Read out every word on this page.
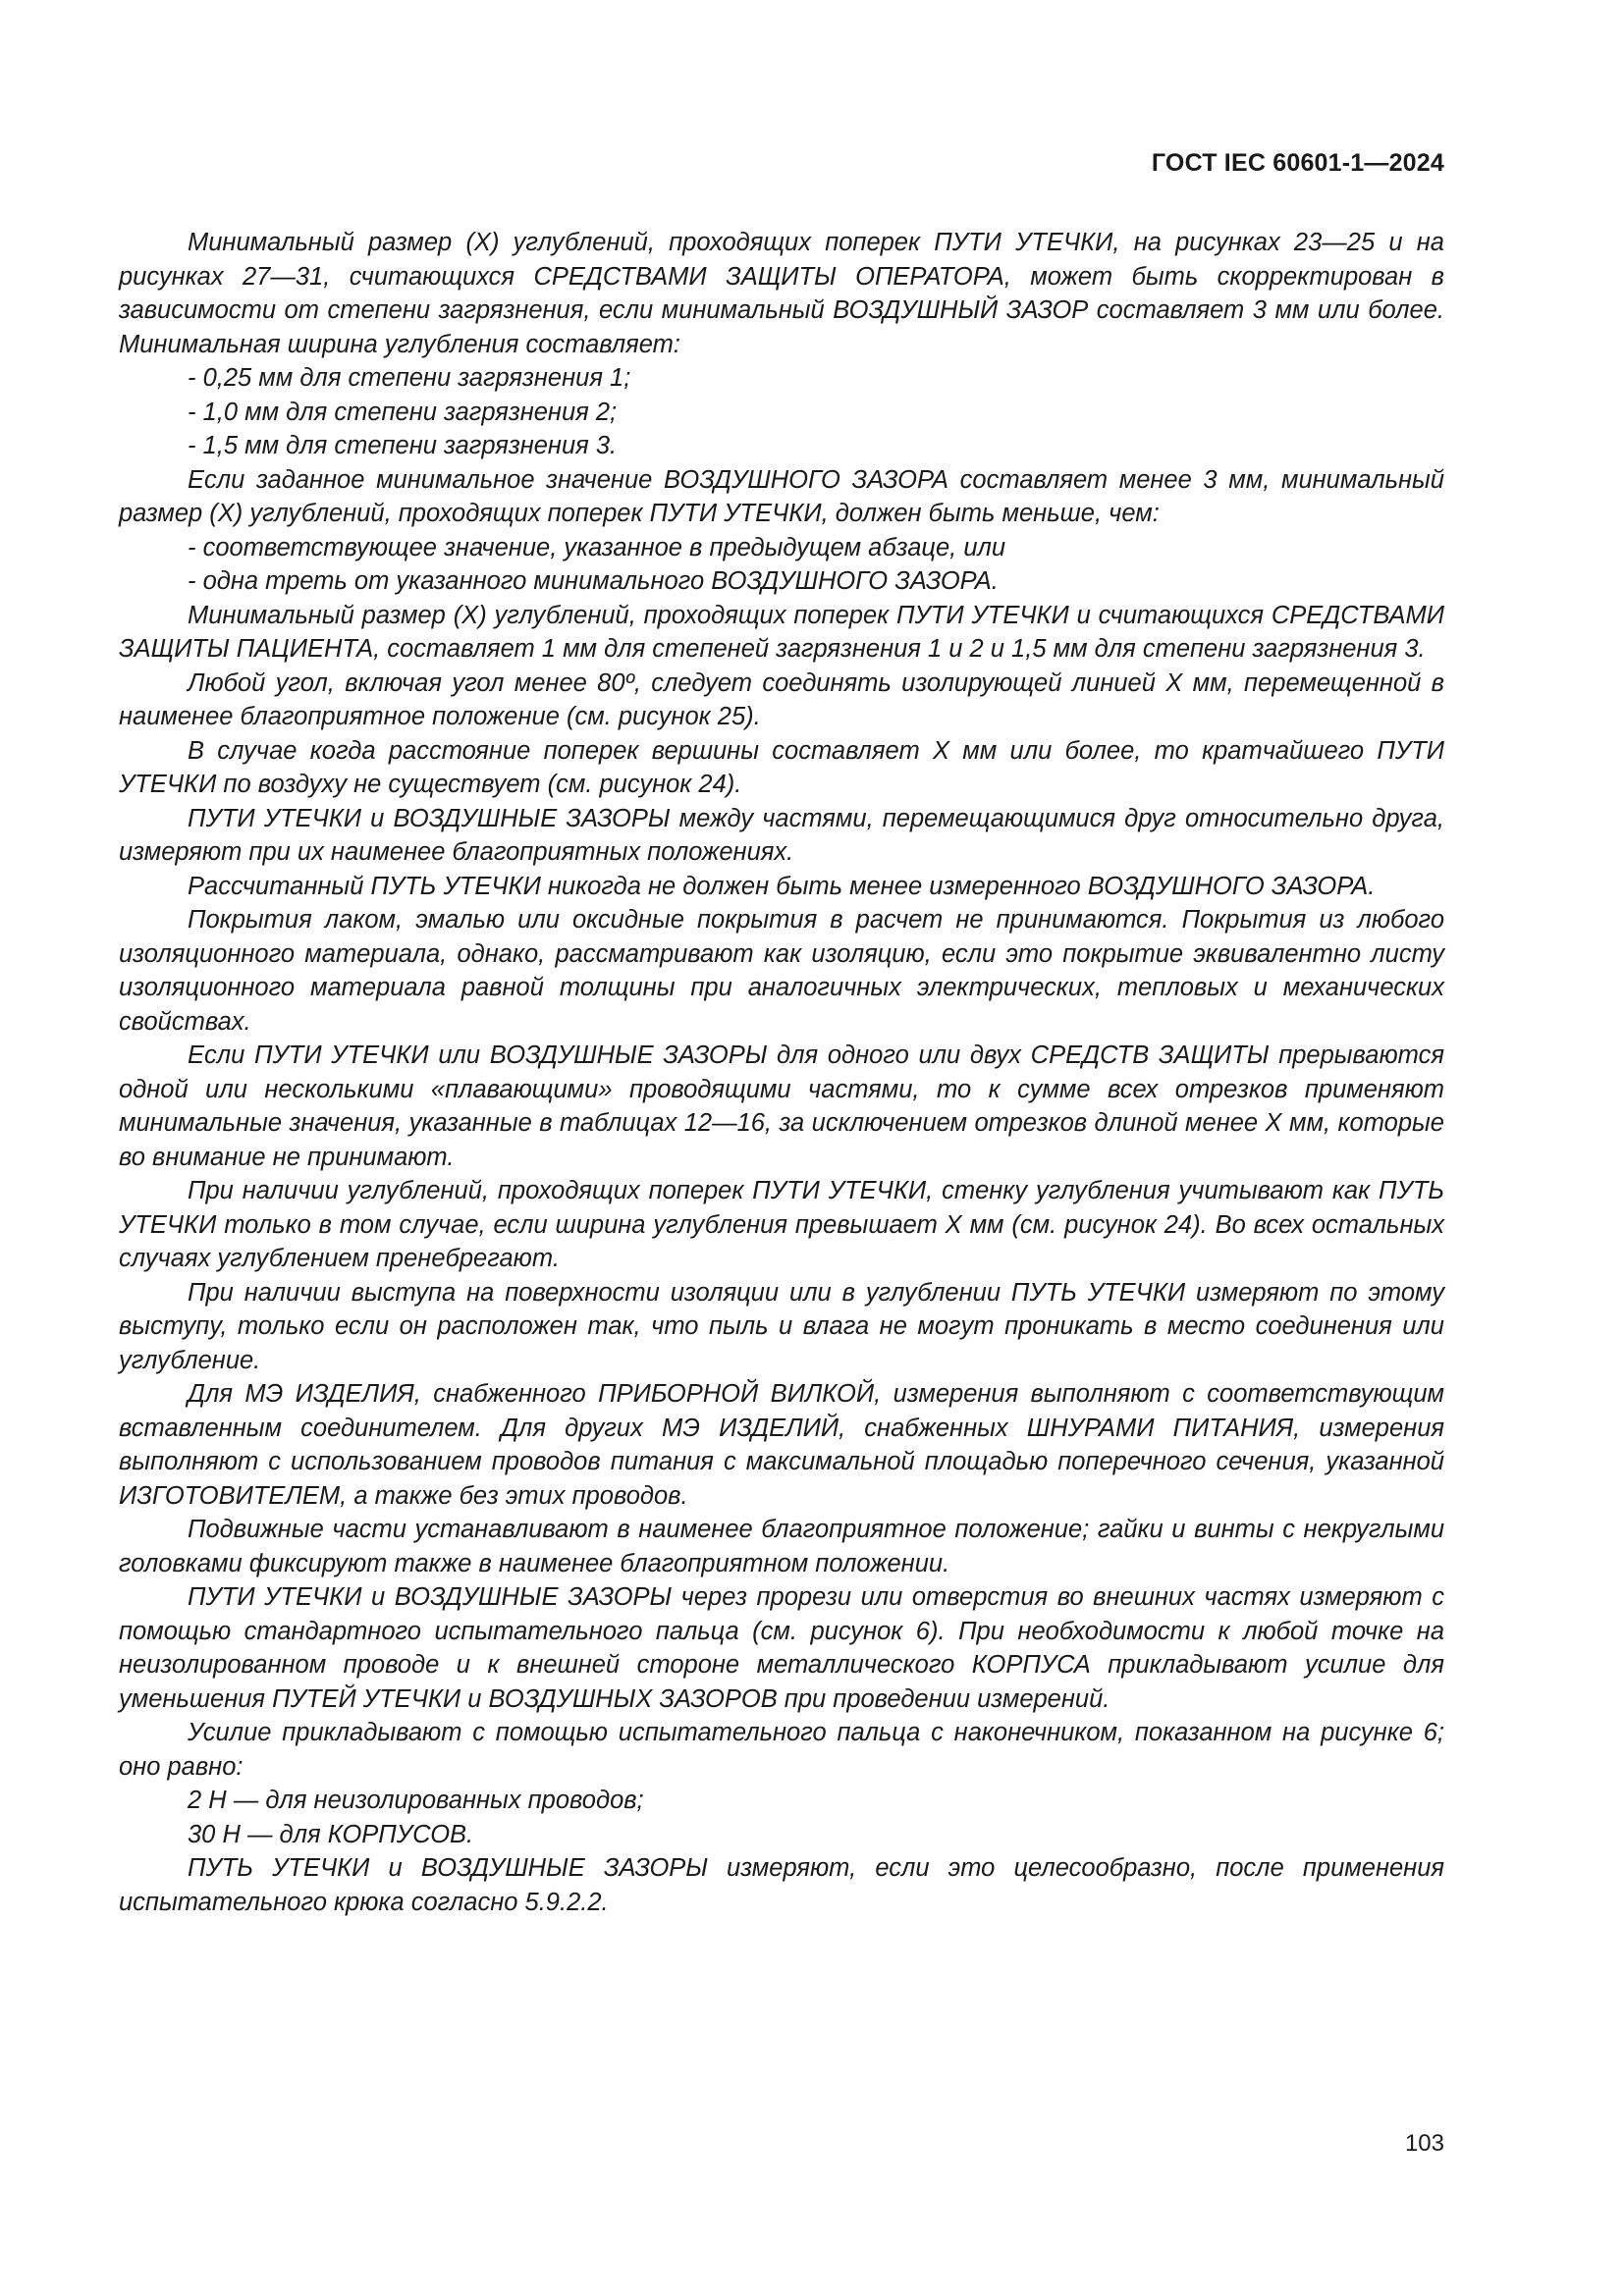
ГОСТ IEC 60601-1—2024

Минимальный размер (X) углублений, проходящих поперек ПУТИ УТЕЧКИ, на рисунках 23—25 и на рисунках 27—31, считающихся СРЕДСТВАМИ ЗАЩИТЫ ОПЕРАТОРА, может быть скорректирован в зависимости от степени загрязнения, если минимальный ВОЗДУШНЫЙ ЗАЗОР составляет 3 мм или более. Минимальная ширина углубления составляет:

- 0,25 мм для степени загрязнения 1;

- 1,0 мм для степени загрязнения 2;

- 1,5 мм для степени загрязнения 3.

Если заданное минимальное значение ВОЗДУШНОГО ЗАЗОРА составляет менее 3 мм, минимальный размер (X) углублений, проходящих поперек ПУТИ УТЕЧКИ, должен быть меньше, чем:

- соответствующее значение, указанное в предыдущем абзаце, или

- одна треть от указанного минимального ВОЗДУШНОГО ЗАЗОРА.

Минимальный размер (X) углублений, проходящих поперек ПУТИ УТЕЧКИ и считающихся СРЕДСТВАМИ ЗАЩИТЫ ПАЦИЕНТА, составляет 1 мм для степеней загрязнения 1 и 2 и 1,5 мм для степени загрязнения 3.

Любой угол, включая угол менее 80º, следует соединять изолирующей линией X мм, перемещенной в наименее благоприятное положение (см. рисунок 25).

В случае когда расстояние поперек вершины составляет X мм или более, то кратчайшего ПУТИ УТЕЧКИ по воздуху не существует (см. рисунок 24).

ПУТИ УТЕЧКИ и ВОЗДУШНЫЕ ЗАЗОРЫ между частями, перемещающимися друг относительно друга, измеряют при их наименее благоприятных положениях.

Рассчитанный ПУТЬ УТЕЧКИ никогда не должен быть менее измеренного ВОЗДУШНОГО ЗАЗОРА.

Покрытия лаком, эмалью или оксидные покрытия в расчет не принимаются. Покрытия из любого изоляционного материала, однако, рассматривают как изоляцию, если это покрытие эквивалентно листу изоляционного материала равной толщины при аналогичных электрических, тепловых и механических свойствах.

Если ПУТИ УТЕЧКИ или ВОЗДУШНЫЕ ЗАЗОРЫ для одного или двух СРЕДСТВ ЗАЩИТЫ прерываются одной или несколькими «плавающими» проводящими частями, то к сумме всех отрезков применяют минимальные значения, указанные в таблицах 12—16, за исключением отрезков длиной менее X мм, которые во внимание не принимают.

При наличии углублений, проходящих поперек ПУТИ УТЕЧКИ, стенку углубления учитывают как ПУТЬ УТЕЧКИ только в том случае, если ширина углубления превышает X мм (см. рисунок 24). Во всех остальных случаях углублением пренебрегают.

При наличии выступа на поверхности изоляции или в углублении ПУТЬ УТЕЧКИ измеряют по этому выступу, только если он расположен так, что пыль и влага не могут проникать в место соединения или углубление.

Для МЭ ИЗДЕЛИЯ, снабженного ПРИБОРНОЙ ВИЛКОЙ, измерения выполняют с соответствующим вставленным соединителем. Для других МЭ ИЗДЕЛИЙ, снабженных ШНУРАМИ ПИТАНИЯ, измерения выполняют с использованием проводов питания с максимальной площадью поперечного сечения, указанной ИЗГОТОВИТЕЛЕМ, а также без этих проводов.

Подвижные части устанавливают в наименее благоприятное положение; гайки и винты с некруглыми головками фиксируют также в наименее благоприятном положении.

ПУТИ УТЕЧКИ и ВОЗДУШНЫЕ ЗАЗОРЫ через прорези или отверстия во внешних частях измеряют с помощью стандартного испытательного пальца (см. рисунок 6). При необходимости к любой точке на неизолированном проводе и к внешней стороне металлического КОРПУСА прикладывают усилие для уменьшения ПУТЕЙ УТЕЧКИ и ВОЗДУШНЫХ ЗАЗОРОВ при проведении измерений.

Усилие прикладывают с помощью испытательного пальца с наконечником, показанном на рисунке 6; оно равно:

2 Н — для неизолированных проводов;

30 Н — для КОРПУСОВ.

ПУТЬ УТЕЧКИ и ВОЗДУШНЫЕ ЗАЗОРЫ измеряют, если это целесообразно, после применения испытательного крюка согласно 5.9.2.2.

103
